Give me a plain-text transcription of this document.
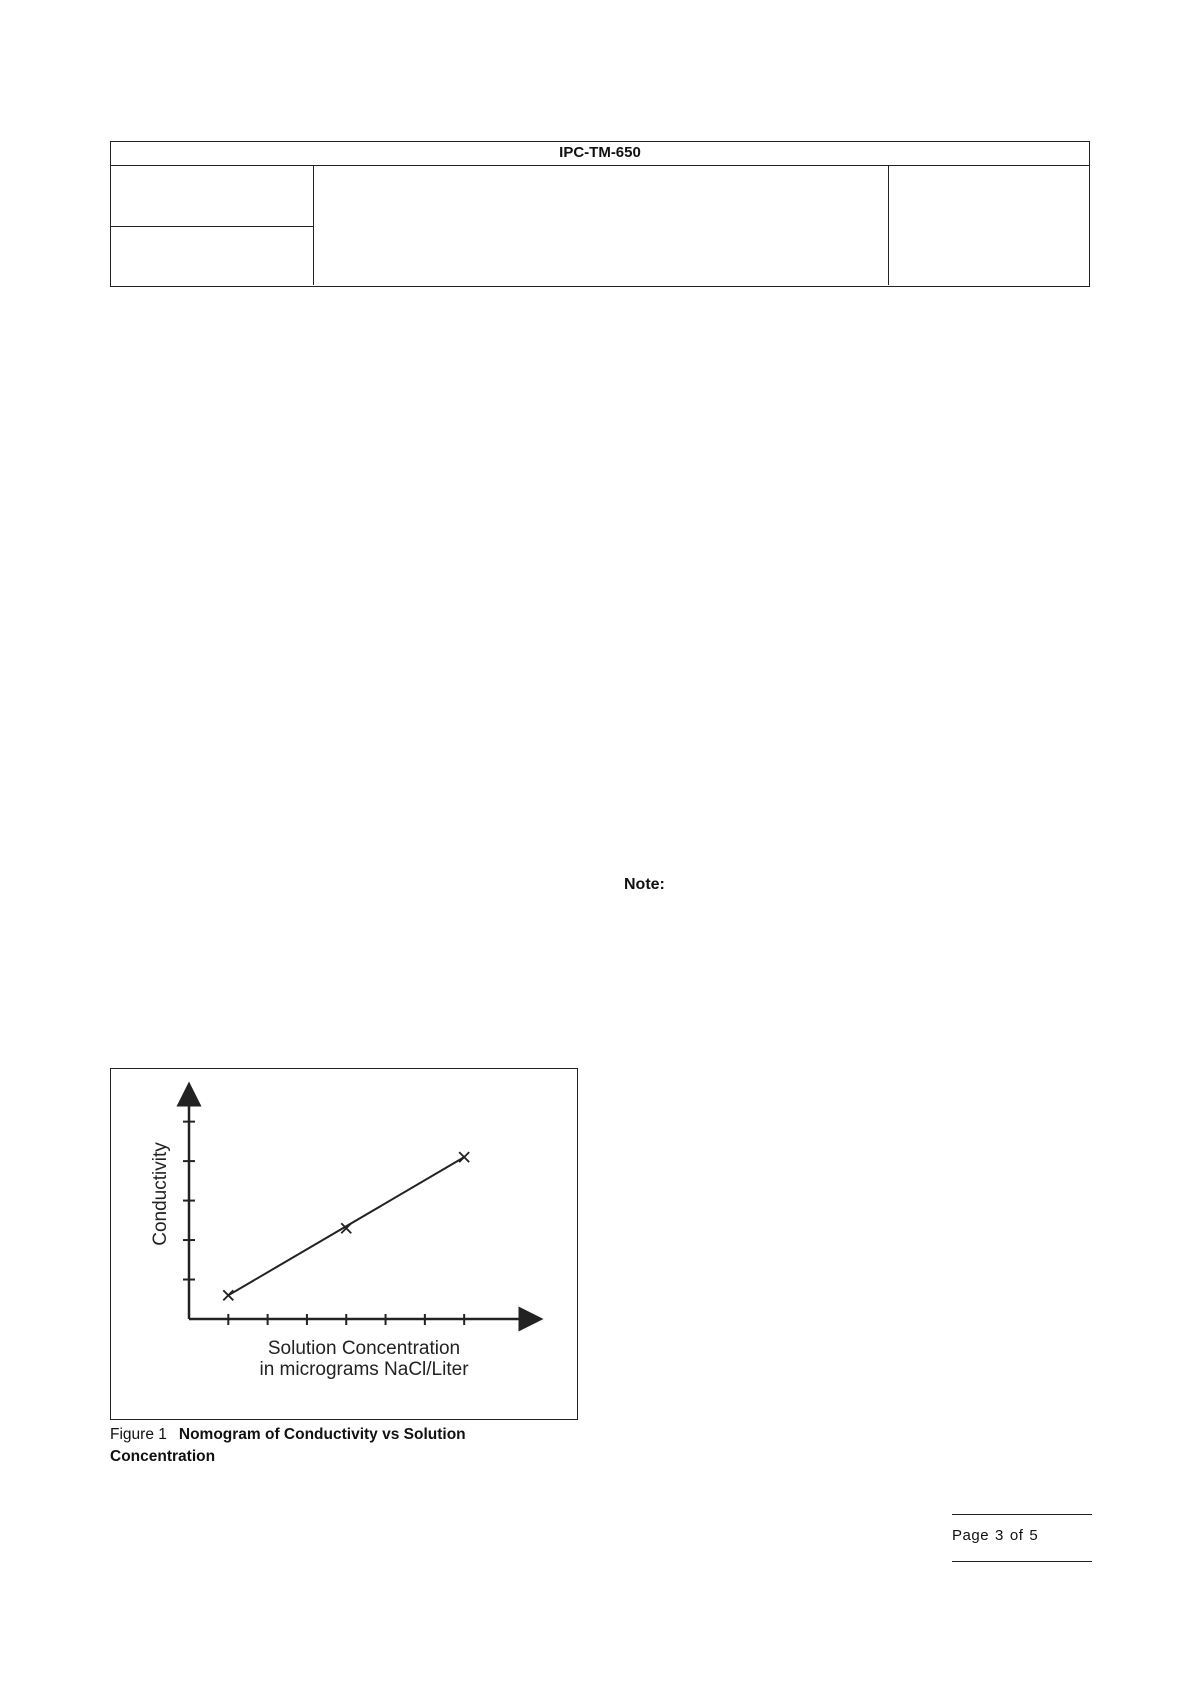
IPC-TM-650
Note:
Conductivity
Solution Concentration
in micrograms NaCl/Liter
Figure 1 Nomogram of Conductivity vs Solution Concentration
Page 3 of 5
